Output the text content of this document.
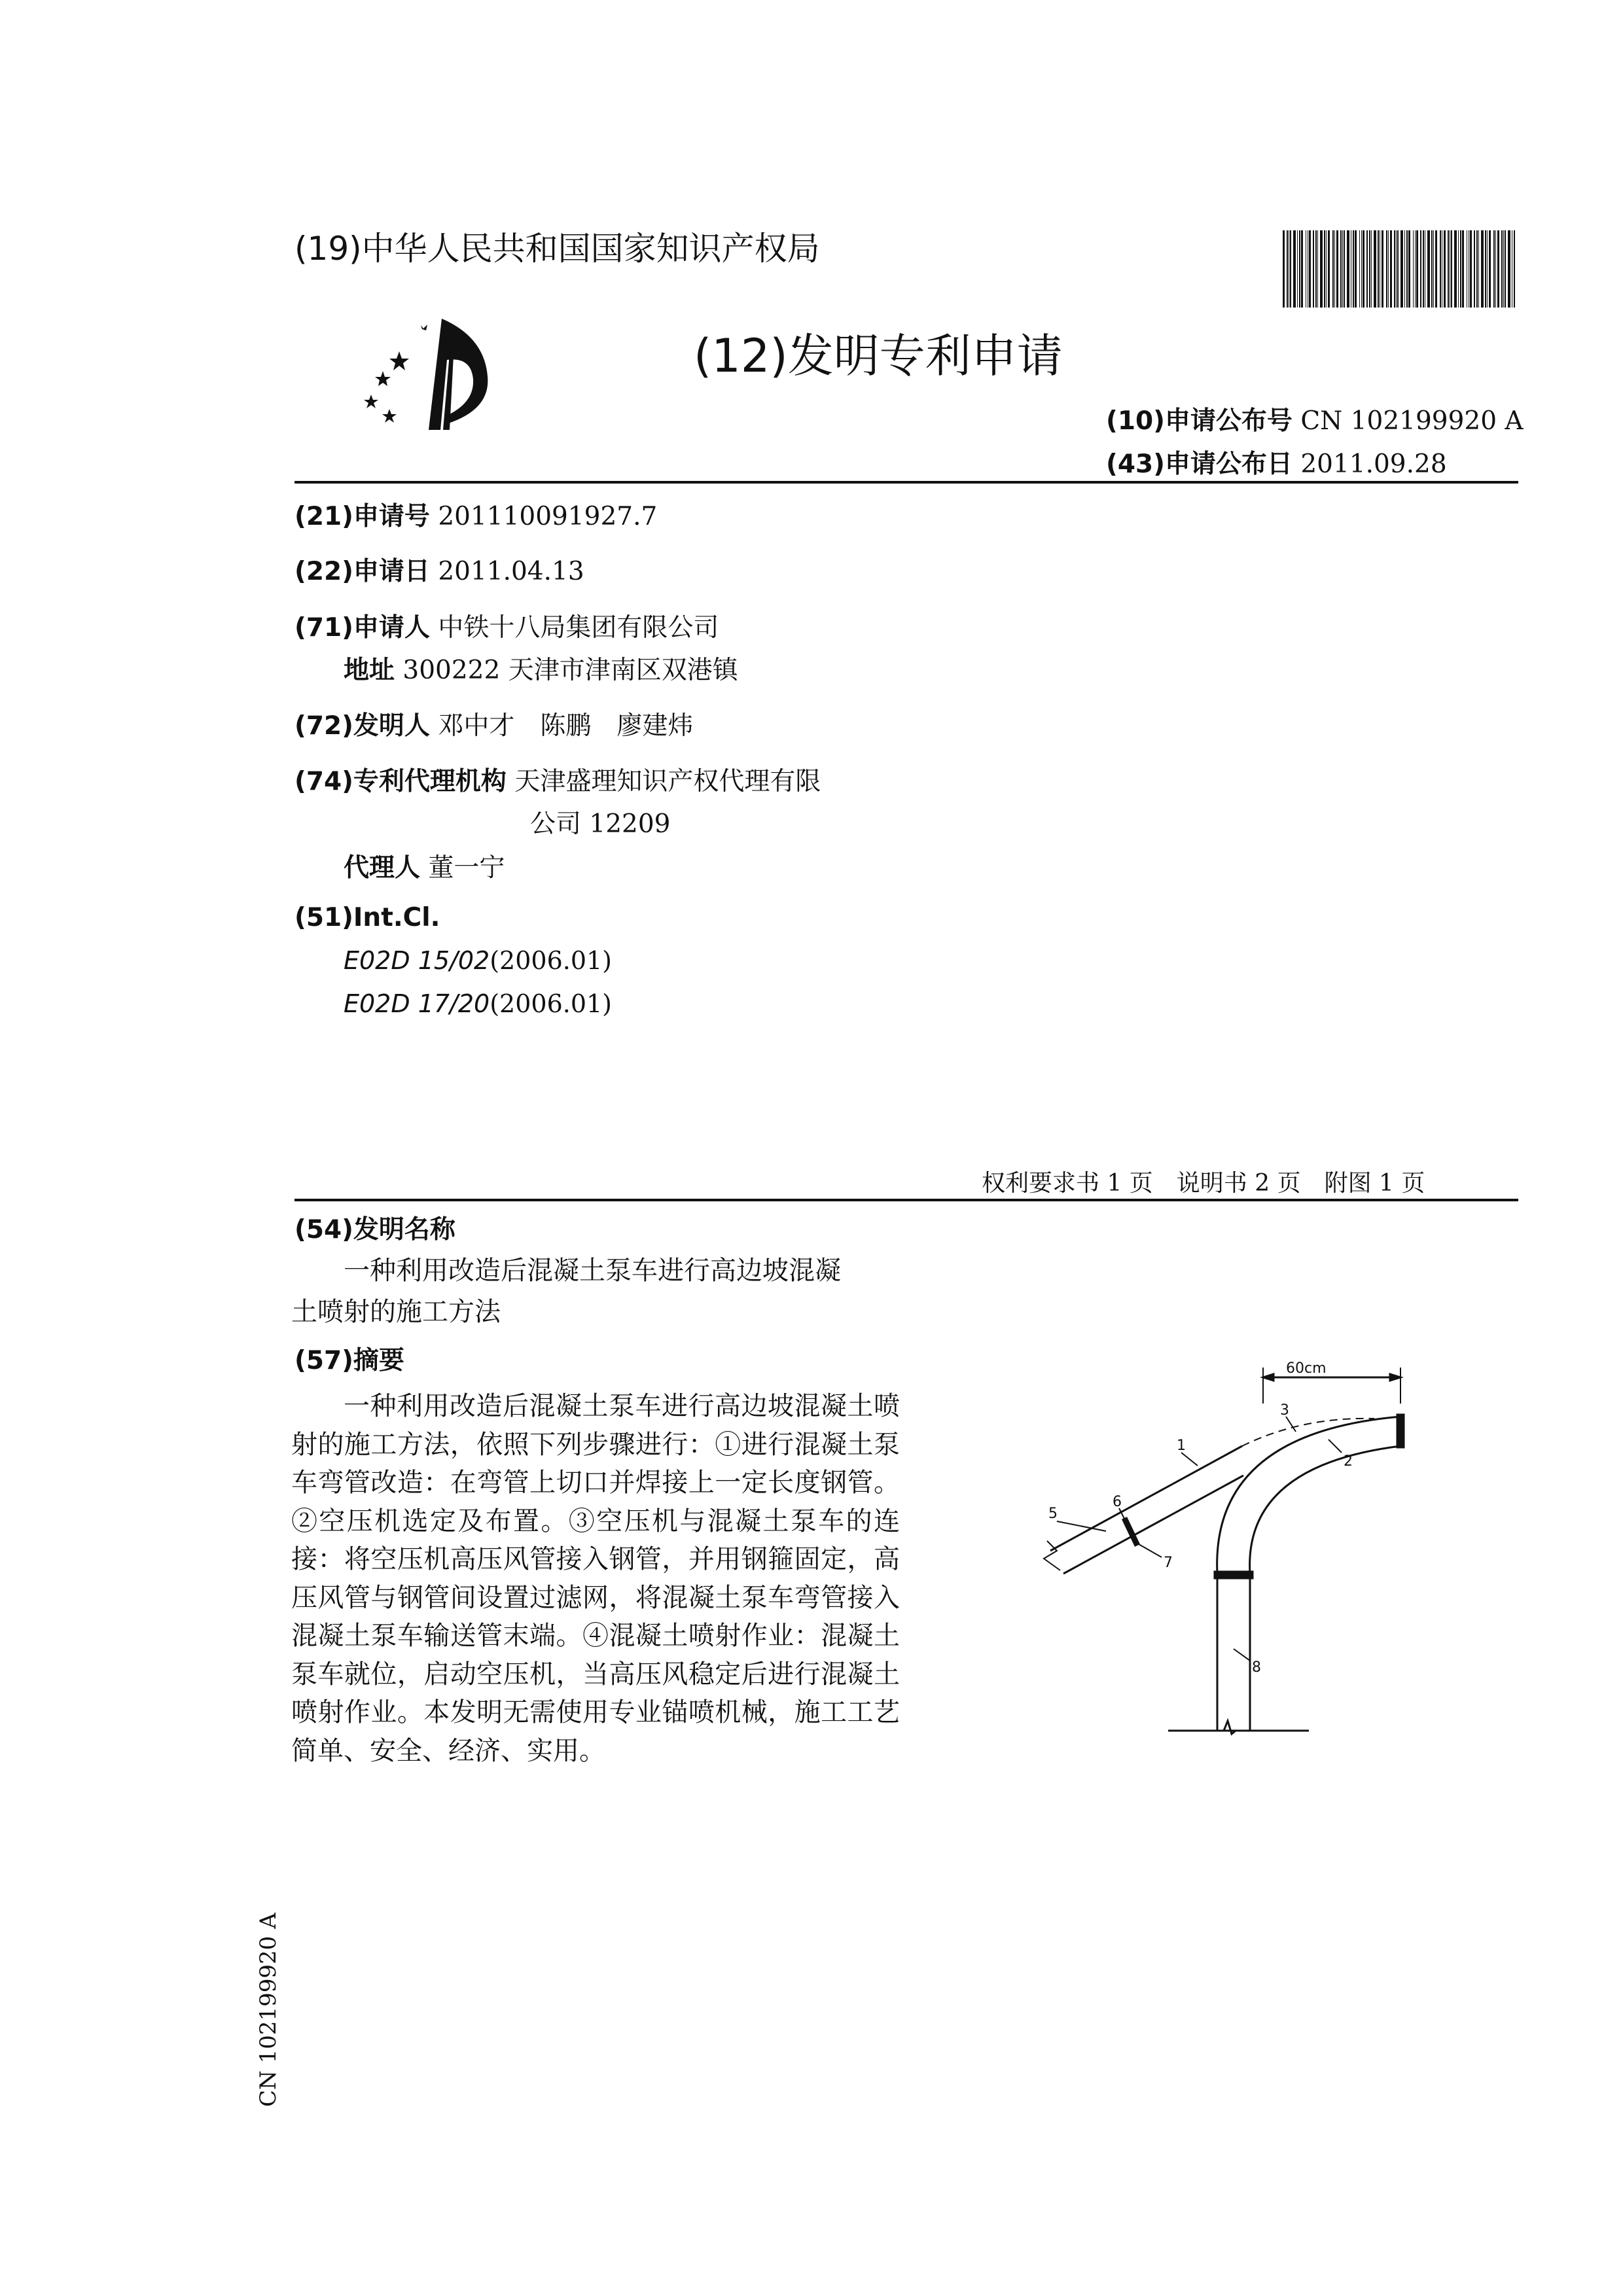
(19)中华人民共和国国家知识产权局
(12)发明专利申请
(10)申请公布号 CN 102199920 A
(43)申请公布日 2011.09.28
(21)申请号 201110091927.7
(22)申请日 2011.04.13
(71)申请人 中铁十八局集团有限公司
地址 300222 天津市津南区双港镇
(72)发明人 邓中才　陈鹏　廖建炜
(74)专利代理机构 天津盛理知识产权代理有限
公司 12209
代理人 董一宁
(51)Int.Cl.
E02D 15/02(2006.01)
E02D 17/20(2006.01)
权利要求书 1 页　说明书 2 页　附图 1 页
(54)发明名称
一种利用改造后混凝土泵车进行高边坡混凝
土喷射的施工方法
(57)摘要
一种利用改造后混凝土泵车进行高边坡混凝土喷射的施工方法，依照下列步骤进行：①进行混凝土泵车弯管改造：在弯管上切口并焊接上一定长度钢管。②空压机选定及布置。③空压机与混凝土泵车的连接：将空压机高压风管接入钢管，并用钢箍固定，高压风管与钢管间设置过滤网，将混凝土泵车弯管接入混凝土泵车输送管末端。④混凝土喷射作业：混凝土泵车就位，启动空压机，当高压风稳定后进行混凝土喷射作业。本发明无需使用专业锚喷机械，施工工艺简单、安全、经济、实用。
60cm
1
2
3
5
6
7
8
CN 102199920 A
